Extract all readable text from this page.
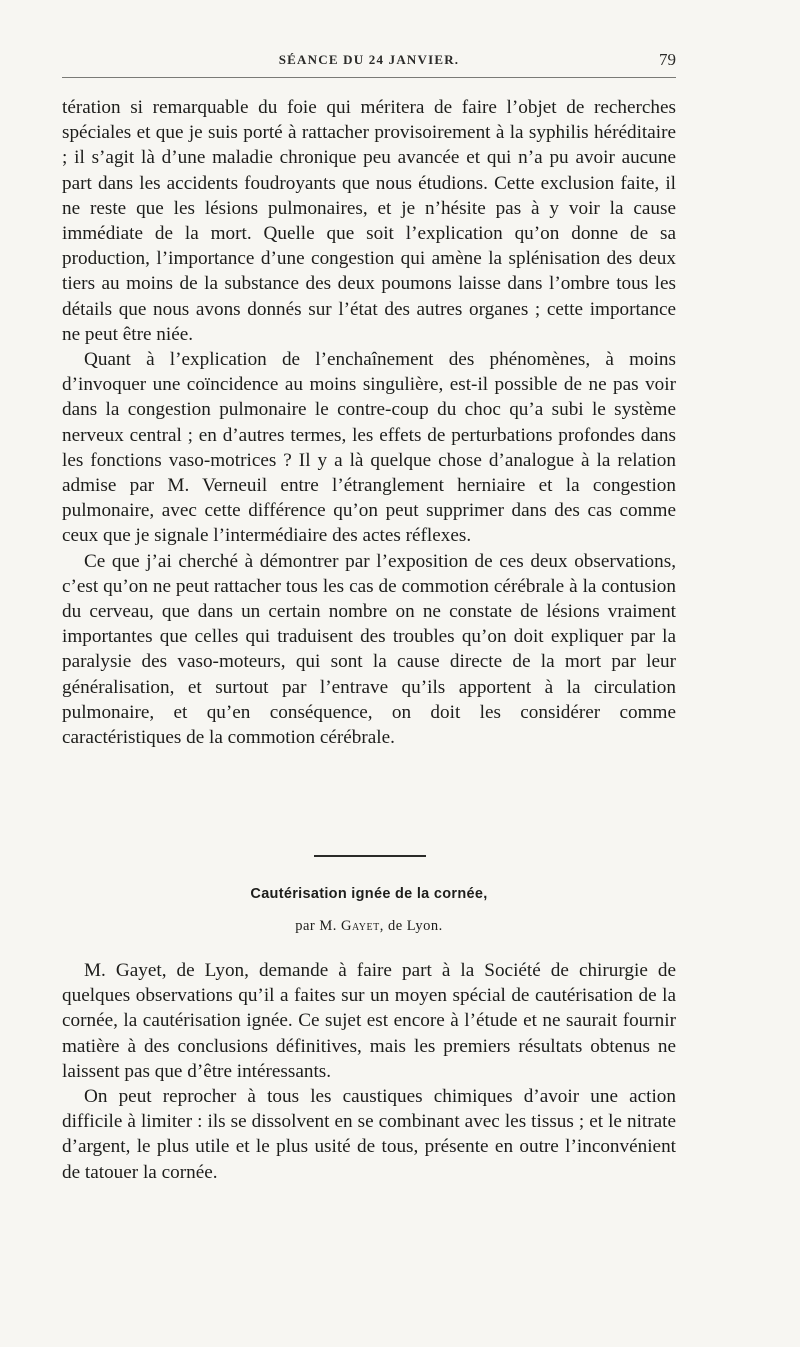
SÉANCE DU 24 JANVIER.	79

tération si remarquable du foie qui méritera de faire l’objet de recherches spéciales et que je suis porté à rattacher provisoirement à la syphilis héréditaire ; il s’agit là d’une maladie chronique peu avancée et qui n’a pu avoir aucune part dans les accidents foudroyants que nous étudions. Cette exclusion faite, il ne reste que les lésions pulmonaires, et je n’hésite pas à y voir la cause immédiate de la mort. Quelle que soit l’explication qu’on donne de sa production, l’importance d’une congestion qui amène la splénisation des deux tiers au moins de la substance des deux poumons laisse dans l’ombre tous les détails que nous avons donnés sur l’état des autres organes ; cette importance ne peut être niée.

Quant à l’explication de l’enchaînement des phénomènes, à moins d’invoquer une coïncidence au moins singulière, est-il possible de ne pas voir dans la congestion pulmonaire le contre-coup du choc qu’a subi le système nerveux central ; en d’autres termes, les effets de perturbations profondes dans les fonctions vaso-motrices ? Il y a là quelque chose d’analogue à la relation admise par M. Verneuil entre l’étranglement herniaire et la congestion pulmonaire, avec cette différence qu’on peut supprimer dans des cas comme ceux que je signale l’intermédiaire des actes réflexes.

Ce que j’ai cherché à démontrer par l’exposition de ces deux observations, c’est qu’on ne peut rattacher tous les cas de commotion cérébrale à la contusion du cerveau, que dans un certain nombre on ne constate de lésions vraiment importantes que celles qui traduisent des troubles qu’on doit expliquer par la paralysie des vaso-moteurs, qui sont la cause directe de la mort par leur généralisation, et surtout par l’entrave qu’ils apportent à la circulation pulmonaire, et qu’en conséquence, on doit les considérer comme caractéristiques de la commotion cérébrale.

Cautérisation ignée de la cornée,
par M. Gayet, de Lyon.

M. Gayet, de Lyon, demande à faire part à la Société de chirurgie de quelques observations qu’il a faites sur un moyen spécial de cautérisation de la cornée, la cautérisation ignée. Ce sujet est encore à l’étude et ne saurait fournir matière à des conclusions définitives, mais les premiers résultats obtenus ne laissent pas que d’être intéressants.

On peut reprocher à tous les caustiques chimiques d’avoir une action difficile à limiter : ils se dissolvent en se combinant avec les tissus ; et le nitrate d’argent, le plus utile et le plus usité de tous, présente en outre l’inconvénient de tatouer la cornée.
